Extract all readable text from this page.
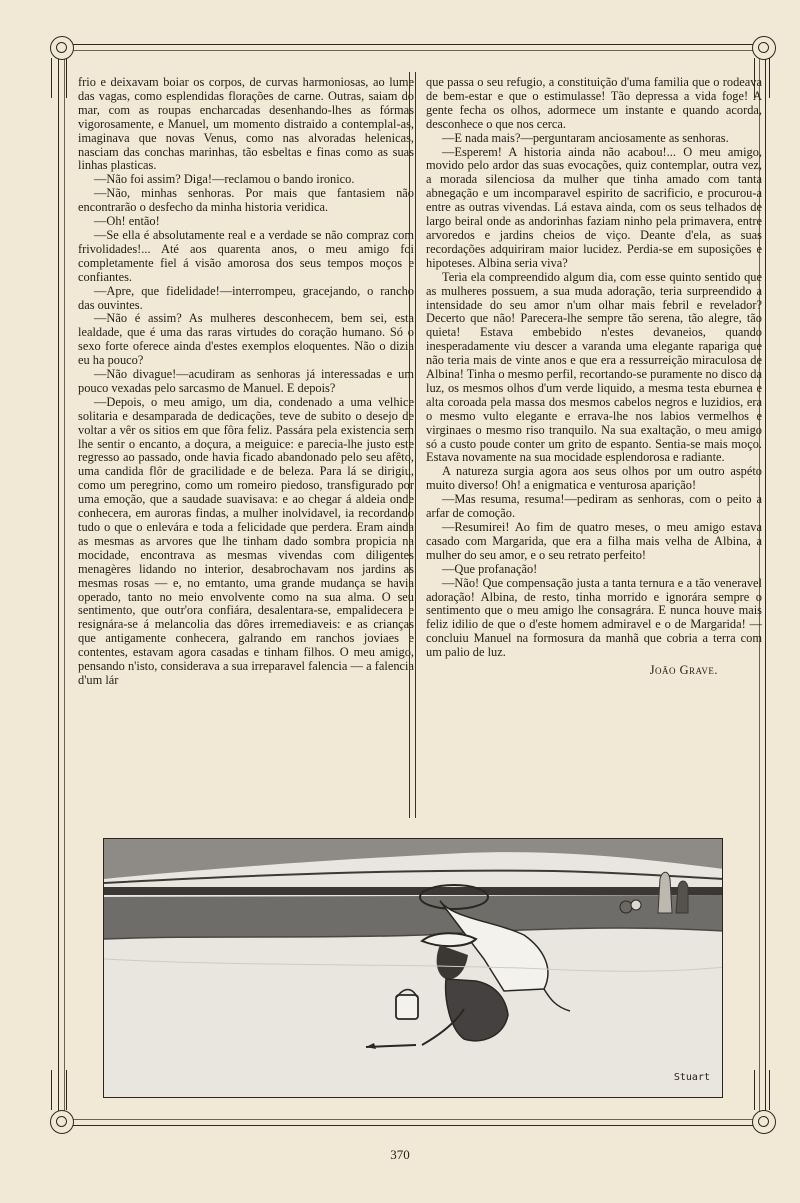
frio e deixavam boiar os corpos, de curvas harmoniosas, ao lume das vagas, como esplendidas florações de carne. Outras, saiam do mar, com as roupas encharcadas desenhando-lhes as fórmas vigorosamente, e Manuel, um momento distraido a contemplal-as, imaginava que novas Venus, como nas alvoradas helenicas, nasciam das conchas marinhas, tão esbeltas e finas como as suas linhas plasticas.

—Não foi assim? Diga!—reclamou o bando ironico.

—Não, minhas senhoras. Por mais que fantasiem não encontrarão o desfecho da minha historia veridica.

—Oh! então!

—Se ella é absolutamente real e a verdade se não compraz com frivolidades!... Até aos quarenta anos, o meu amigo foi completamente fiel á visão amorosa dos seus tempos moços e confiantes.

—Apre, que fidelidade!—interrompeu, gracejando, o rancho das ouvintes.

—Não é assim? As mulheres desconhecem, bem sei, esta lealdade, que é uma das raras virtudes do coração humano. Só o sexo forte oferece ainda d'estes exemplos eloquentes. Não o dizia eu ha pouco?

—Não divague!—acudiram as senhoras já interessadas e um pouco vexadas pelo sarcasmo de Manuel. E depois?

—Depois, o meu amigo, um dia, condenado a uma velhice solitaria e desamparada de dedicações, teve de subito o desejo de voltar a vêr os sitios em que fôra feliz. Passára pela existencia sem lhe sentir o encanto, a doçura, a meiguice: e parecia-lhe justo este regresso ao passado, onde havia ficado abandonado pelo seu afêto, uma candida flôr de gracilidade e de beleza. Para lá se dirigiu, como um peregrino, como um romeiro piedoso, transfigurado por uma emoção, que a saudade suavisava: e ao chegar á aldeia onde conhecera, em auroras findas, a mulher inolvidavel, ia recordando tudo o que o enlevára e toda a felicidade que perdera. Eram ainda as mesmas as arvores que lhe tinham dado sombra propicia na mocidade, encontrava as mesmas vivendas com diligentes menagères lidando no interior, desabrochavam nos jardins as mesmas rosas — e, no emtanto, uma grande mudança se havia operado, tanto no meio envolvente como na sua alma. O seu sentimento, que outr'ora confiára, desalentara-se, empalidecera e resignára-se á melancolia das dôres irremediaveis: e as crianças que antigamente conhecera, galrando em ranchos joviaes e contentes, estavam agora casadas e tinham filhos. O meu amigo, pensando n'isto, considerava a sua irreparavel falencia — a falencia d'um lár

que passa o seu refugio, a constituição d'uma familia que o rodeava de bem-estar e que o estimulasse! Tão depressa a vida foge! A gente fecha os olhos, adormece um instante e quando acorda, desconhece o que nos cerca.

—E nada mais?—perguntaram anciosamente as senhoras.

—Esperem! A historia ainda não acabou!... O meu amigo, movido pelo ardor das suas evocações, quiz contemplar, outra vez, a morada silenciosa da mulher que tinha amado com tanta abnegação e um incomparavel espirito de sacrificio, e procurou-a entre as outras vivendas. Lá estava ainda, com os seus telhados de largo beiral onde as andorinhas faziam ninho pela primavera, entre arvoredos e jardins cheios de viço. Deante d'ela, as suas recordações adquiriram maior lucidez. Perdia-se em suposições e hipoteses. Albina seria viva?

Teria ela compreendido algum dia, com esse quinto sentido que as mulheres possuem, a sua muda adoração, teria surpreendido a intensidade do seu amor n'um olhar mais febril e revelador? Decerto que não! Parecera-lhe sempre tão serena, tão alegre, tão quieta! Estava embebido n'estes devaneios, quando inesperadamente viu descer a varanda uma elegante rapariga que não teria mais de vinte anos e que era a ressurreição miraculosa de Albina! Tinha o mesmo perfil, recortando-se puramente no disco da luz, os mesmos olhos d'um verde liquido, a mesma testa eburnea e alta coroada pela massa dos mesmos cabelos negros e luzidios, era o mesmo vulto elegante e errava-lhe nos labios vermelhos e virginaes o mesmo riso tranquilo. Na sua exaltação, o meu amigo só a custo poude conter um grito de espanto. Sentia-se mais moço. Estava novamente na sua mocidade esplendorosa e radiante.

A natureza surgia agora aos seus olhos por um outro aspéto muito diverso! Oh! a enigmatica e venturosa aparição!

—Mas resuma, resuma!—pediram as senhoras, com o peito a arfar de comoção.

—Resumirei! Ao fim de quatro meses, o meu amigo estava casado com Margarida, que era a filha mais velha de Albina, a mulher do seu amor, e o seu retrato perfeito!

—Que profanação!

—Não! Que compensação justa a tanta ternura e a tão veneravel adoração! Albina, de resto, tinha morrido e ignorára sempre o sentimento que o meu amigo lhe consagrára. E nunca houve mais feliz idilio de que o d'este homem admiravel e o de Margarida! — concluiu Manuel na formosura da manhã que cobria a terra com um palio de luz.

João Grave.
Stuart
370
